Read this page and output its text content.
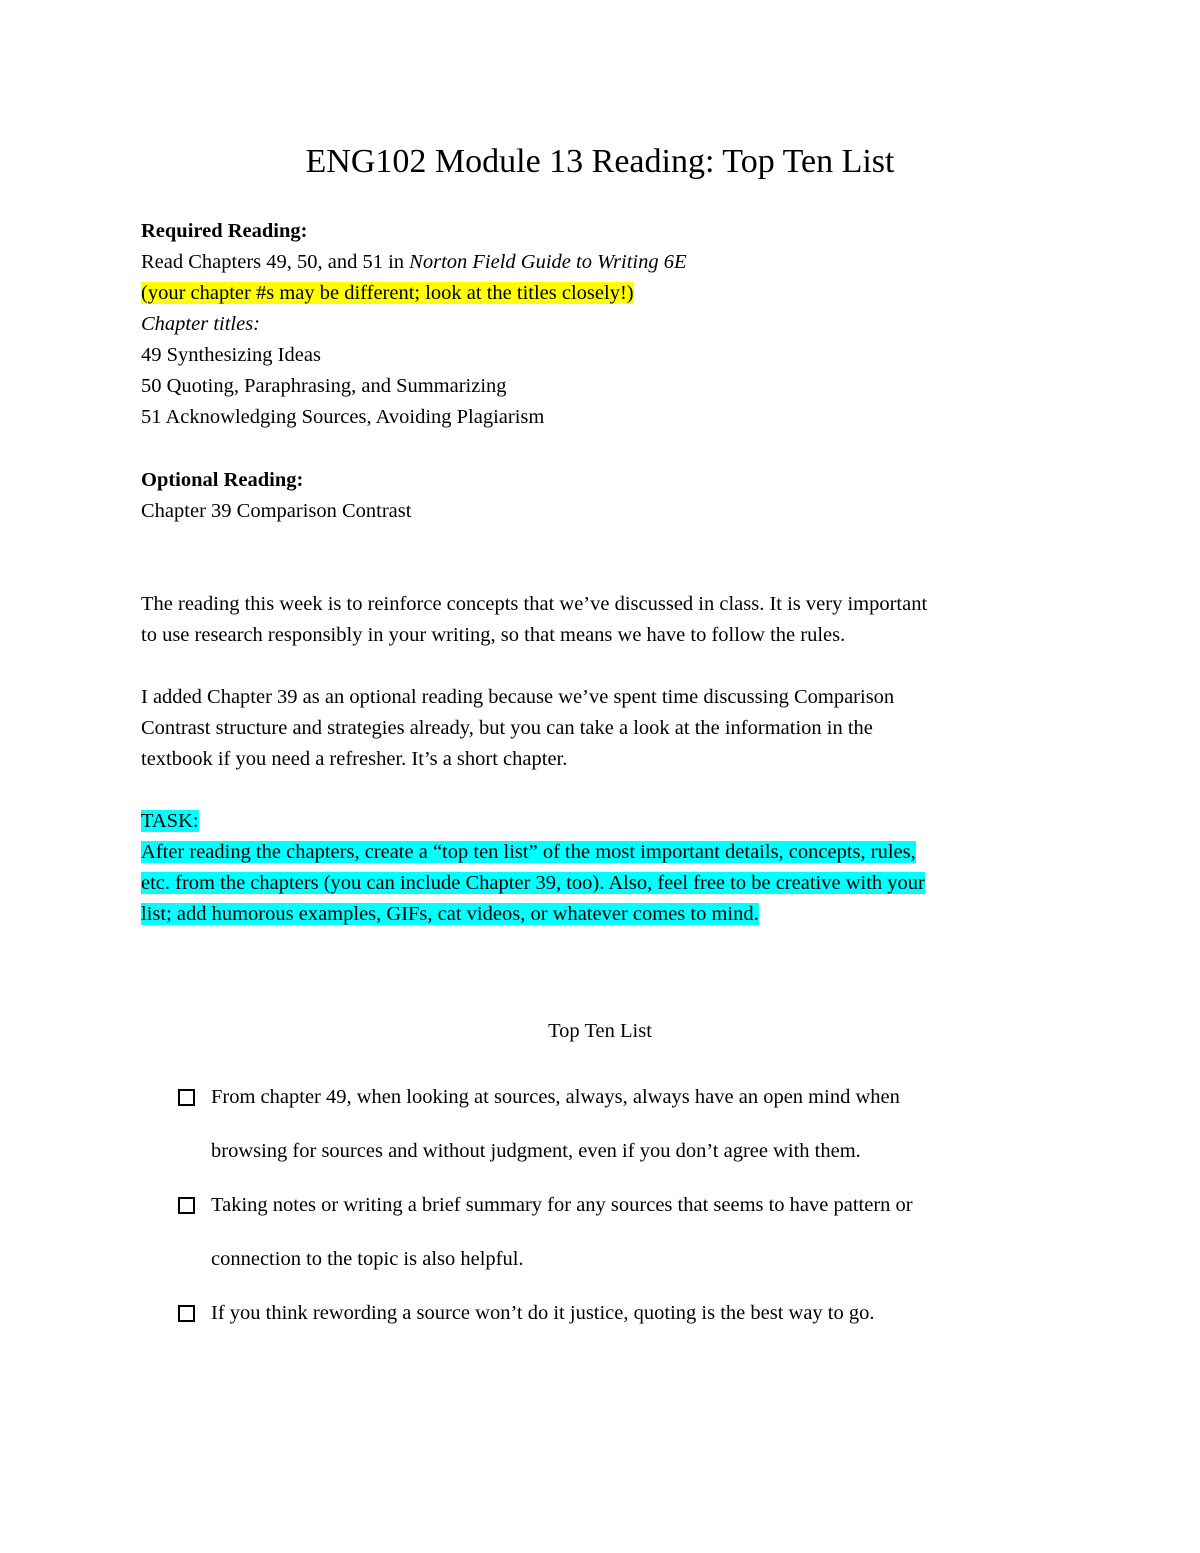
ENG102 Module 13 Reading: Top Ten List
Required Reading:
Read Chapters 49, 50, and 51 in Norton Field Guide to Writing 6E
(your chapter #s may be different; look at the titles closely!)
Chapter titles:
49 Synthesizing Ideas
50 Quoting, Paraphrasing, and Summarizing
51 Acknowledging Sources, Avoiding Plagiarism
Optional Reading:
Chapter 39 Comparison Contrast
The reading this week is to reinforce concepts that we’ve discussed in class. It is very important
to use research responsibly in your writing, so that means we have to follow the rules.
I added Chapter 39 as an optional reading because we’ve spent time discussing Comparison
Contrast structure and strategies already, but you can take a look at the information in the
textbook if you need a refresher. It’s a short chapter.
TASK:
After reading the chapters, create a “top ten list” of the most important details, concepts, rules,
etc. from the chapters (you can include Chapter 39, too). Also, feel free to be creative with your
list; add humorous examples, GIFs, cat videos, or whatever comes to mind.
Top Ten List
From chapter 49, when looking at sources, always, always have an open mind when
browsing for sources and without judgment, even if you don’t agree with them.
Taking notes or writing a brief summary for any sources that seems to have pattern or
connection to the topic is also helpful.
If you think rewording a source won’t do it justice, quoting is the best way to go.
